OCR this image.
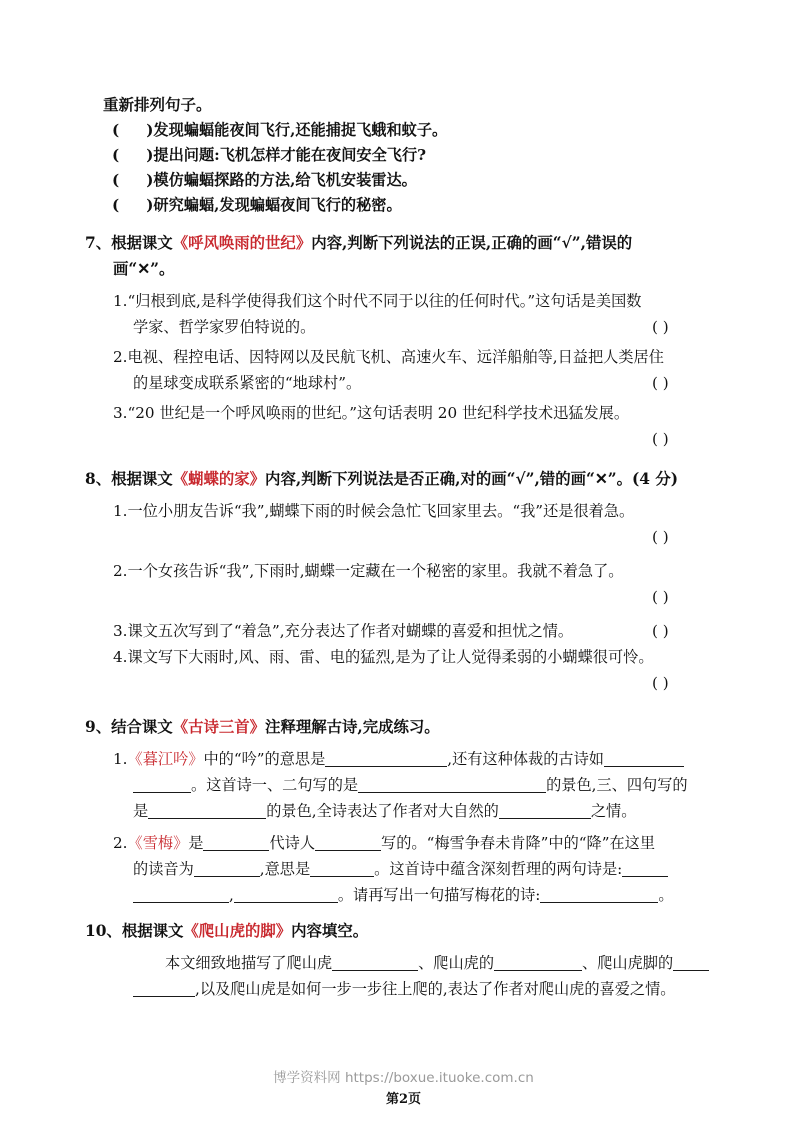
重新排列句子。
( )发现蝙蝠能夜间飞行,还能捕捉飞蛾和蚊子。
( )提出问题:飞机怎样才能在夜间安全飞行?
( )模仿蝙蝠探路的方法,给飞机安装雷达。
( )研究蝙蝠,发现蝙蝠夜间飞行的秘密。
7、根据课文《呼风唤雨的世纪》内容,判断下列说法的正误,正确的画“√”,错误的
画“✕”。
1.“归根到底,是科学使得我们这个时代不同于以往的任何时代。”这句话是美国数
学家、哲学家罗伯特说的。	( )
2.电视、程控电话、因特网以及民航飞机、高速火车、远洋船舶等,日益把人类居住
的星球变成联系紧密的“地球村”。	( )
3.“20 世纪是一个呼风唤雨的世纪。”这句话表明 20 世纪科学技术迅猛发展。
( )
8、根据课文《蝴蝶的家》内容,判断下列说法是否正确,对的画“√”,错的画“✕”。(4 分)
1.一位小朋友告诉“我”,蝴蝶下雨的时候会急忙飞回家里去。“我”还是很着急。
( )
2.一个女孩告诉“我”,下雨时,蝴蝶一定藏在一个秘密的家里。我就不着急了。
( )
3.课文五次写到了“着急”,充分表达了作者对蝴蝶的喜爱和担忧之情。	( )
4.课文写下大雨时,风、雨、雷、电的猛烈,是为了让人觉得柔弱的小蝴蝶很可怜。
( )
9、结合课文《古诗三首》注释理解古诗,完成练习。
1.《暮江吟》中的“吟”的意思是	,还有这种体裁的古诗如
。这首诗一、二句写的是	的景色,三、四句写的
是	的景色,全诗表达了作者对大自然的	之情。
2.《雪梅》是	代诗人	写的。“梅雪争春未肯降”中的“降”在这里
的读音为	,意思是	。这首诗中蕴含深刻哲理的两句诗是:
,	。请再写出一句描写梅花的诗:	。
10、根据课文《爬山虎的脚》内容填空。
本文细致地描写了爬山虎	、爬山虎的	、爬山虎脚的
,以及爬山虎是如何一步一步往上爬的,表达了作者对爬山虎的喜爱之情。
博学资料网 https://boxue.ituoke.com.cn
第2页
